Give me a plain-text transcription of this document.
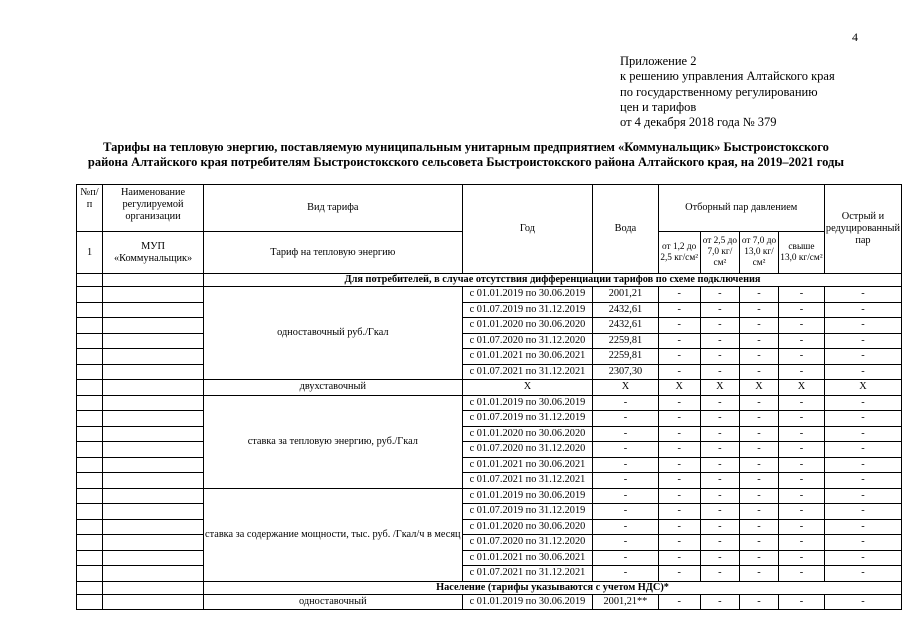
4
Приложение 2
к решению управления Алтайского края
по государственному регулированию
цен и тарифов
от 4 декабря 2018 года № 379
Тарифы на тепловую энергию, поставляемую муниципальным унитарным предприятием «Коммунальщик» Быстроистокского
района Алтайского края потребителям Быстроистокского сельсовета Быстроистокского района Алтайского края, на 2019–2021 годы
№п/п	Наименование регулируемой организации	Вид тарифа	Год	Вода	Отборный пар давлением				Острый и редуцированный пар
1	МУП «Коммунальщик»	Тариф на тепловую энергию			от 1,2 до 2,5 кг/см²	от 2,5 до 7,0 кг/см²	от 7,0 до 13,0 кг/см²	свыше 13,0 кг/см²	
		Для потребителей, в случае отсутствия дифференциации тарифов по схеме подключения							
		одноставочный руб./Гкал	с 01.01.2019 по 30.06.2019	2001,21	-	-	-	-	-
			с 01.07.2019 по 31.12.2019	2432,61	-	-	-	-	-
			с 01.01.2020 по 30.06.2020	2432,61	-	-	-	-	-
			с 01.07.2020 по 31.12.2020	2259,81	-	-	-	-	-
			с 01.01.2021 по 30.06.2021	2259,81	-	-	-	-	-
			с 01.07.2021 по 31.12.2021	2307,30	-	-	-	-	-
		двухставочный	Х	Х	Х	Х	Х	Х	Х
		ставка за тепловую энергию, руб./Гкал	с 01.01.2019 по 30.06.2019	-	-	-	-	-	-
			с 01.07.2019 по 31.12.2019	-	-	-	-	-	-
			с 01.01.2020 по 30.06.2020	-	-	-	-	-	-
			с 01.07.2020 по 31.12.2020	-	-	-	-	-	-
			с 01.01.2021 по 30.06.2021	-	-	-	-	-	-
			с 01.07.2021 по 31.12.2021	-	-	-	-	-	-
		ставка за содержание мощности, тыс. руб. /Гкал/ч в месяц	с 01.01.2019 по 30.06.2019	-	-	-	-	-	-
			с 01.07.2019 по 31.12.2019	-	-	-	-	-	-
			с 01.01.2020 по 30.06.2020	-	-	-	-	-	-
			с 01.07.2020 по 31.12.2020	-	-	-	-	-	-
			с 01.01.2021 по 30.06.2021	-	-	-	-	-	-
			с 01.07.2021 по 31.12.2021	-	-	-	-	-	-
		Население (тарифы указываются с учетом НДС)*							
		одноставочный	с 01.01.2019 по 30.06.2019	2001,21**	-	-	-	-	-
